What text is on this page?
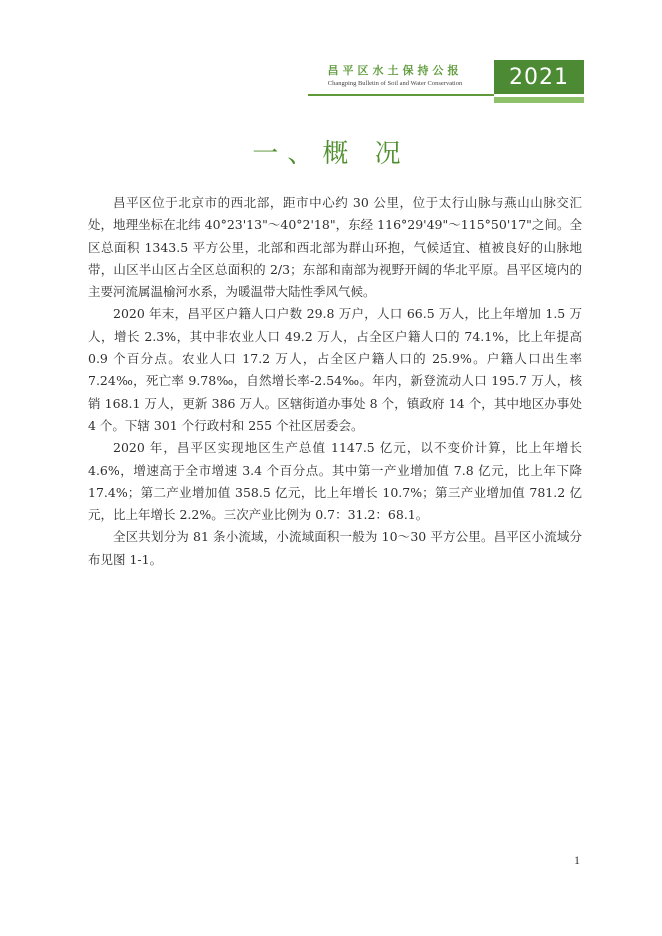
昌平区水土保持公报
Changping Bulletin of Soil and Water Conservation	2021
一、概 况

昌平区位于北京市的西北部，距市中心约 30 公里，位于太行山脉与燕山山脉交汇处，地理坐标在北纬 40°23'13"～40°2'18"，东经 116°29'49"～115°50'17"之间。全区总面积 1343.5 平方公里，北部和西北部为群山环抱，气候适宜、植被良好的山脉地带，山区半山区占全区总面积的 2/3；东部和南部为视野开阔的华北平原。昌平区境内的主要河流属温榆河水系，为暖温带大陆性季风气候。

2020 年末，昌平区户籍人口户数 29.8 万户，人口 66.5 万人，比上年增加 1.5 万人，增长 2.3%，其中非农业人口 49.2 万人，占全区户籍人口的 74.1%，比上年提高 0.9 个百分点。农业人口 17.2 万人，占全区户籍人口的 25.9%。户籍人口出生率 7.24‰，死亡率 9.78‰，自然增长率-2.54‰。年内，新登流动人口 195.7 万人，核销 168.1 万人，更新 386 万人。区辖街道办事处 8 个，镇政府 14 个，其中地区办事处 4 个。下辖 301 个行政村和 255 个社区居委会。

2020 年，昌平区实现地区生产总值 1147.5 亿元，以不变价计算，比上年增长 4.6%，增速高于全市增速 3.4 个百分点。其中第一产业增加值 7.8 亿元，比上年下降 17.4%；第二产业增加值 358.5 亿元，比上年增长 10.7%；第三产业增加值 781.2 亿元，比上年增长 2.2%。三次产业比例为 0.7：31.2：68.1。

全区共划分为 81 条小流域，小流域面积一般为 10～30 平方公里。昌平区小流域分布见图 1-1。

1
